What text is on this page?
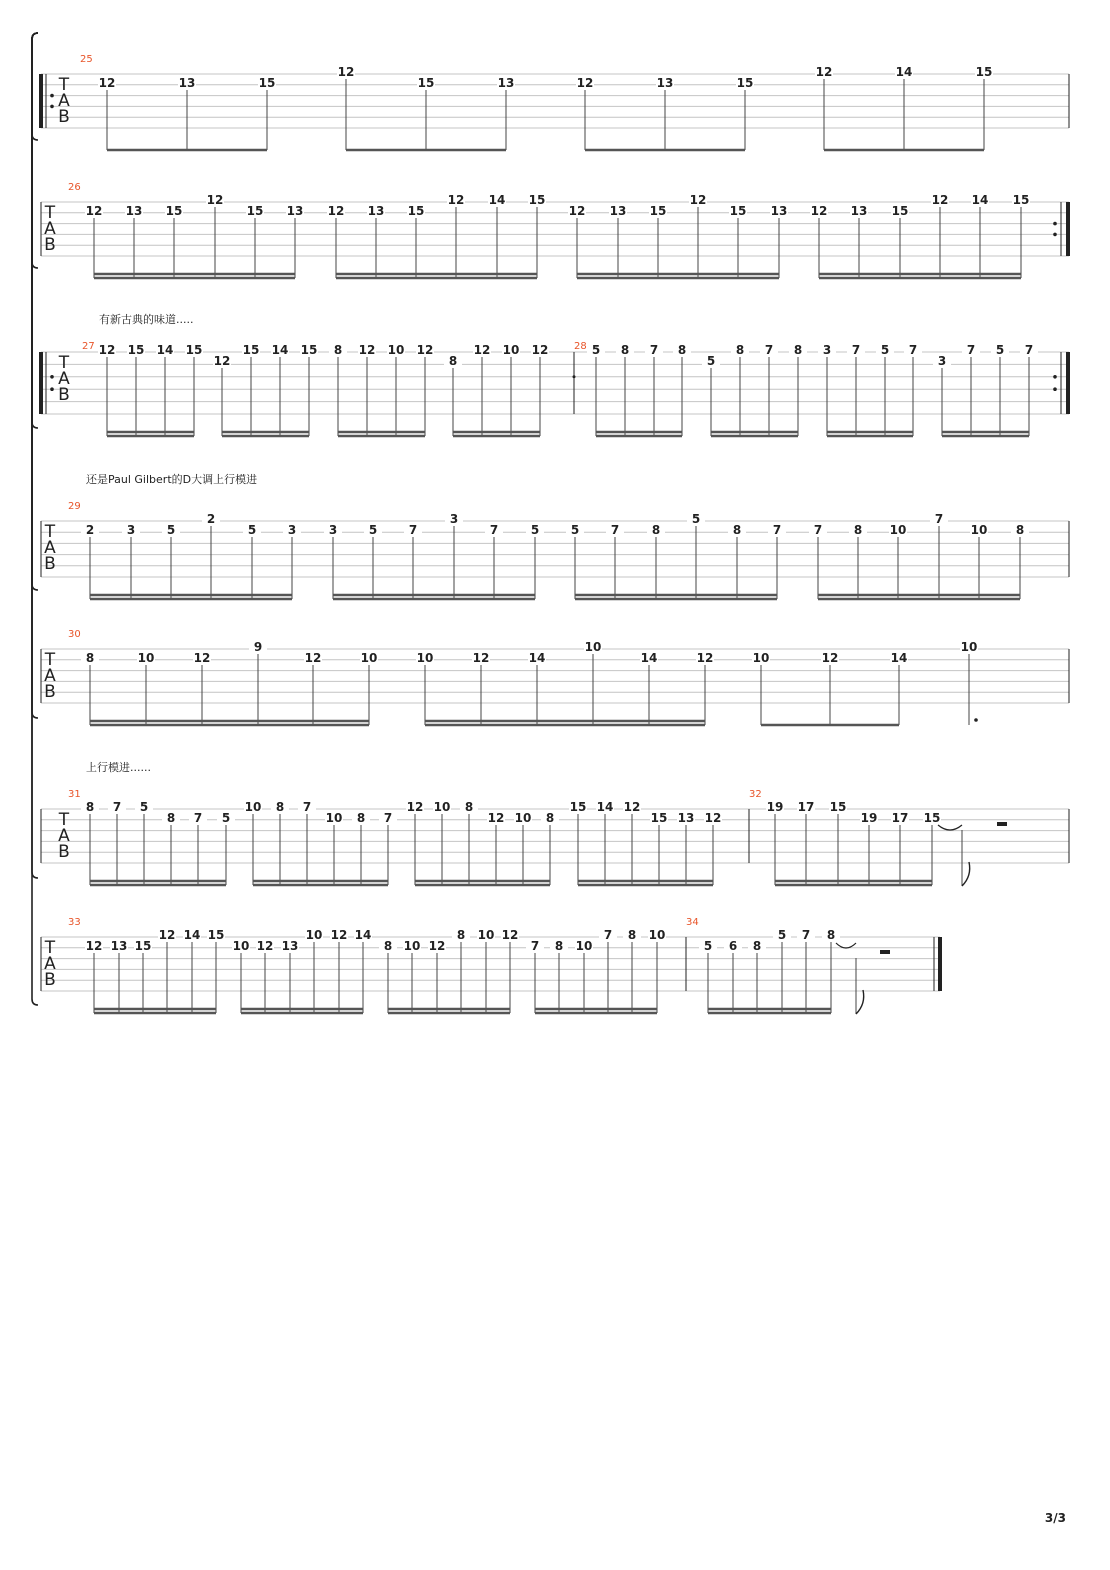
T
A
B
25
12	13	15
12
15	13	12	13	15
12	14	15
T
A
B
26
12 13 15
12
15 13 12 13 15
12 14 15
12 13 15
12
15 13 12 13 15
12 14 15
T
A
B
有新古典的味道.....
27 12 15 14 15
12
15 14 15 8 12 10 12
8
12 10 12	28 5 8 7 8
5
8 7 8 3 7 5 7
3
7 5 7
T
A
B
还是Paul Gilbert的D大调上行模进
29
2	3	5
2
5	3	3	5	7
3
7	5	5	7	8
5
8	7	7	8 10
7
10 8
T
A
B
30
8	10	12
9
12	10	10	12	14
10
14	12	10	12	14
10
T
A
B
上行模进......
31
8 7 5
8 7 5
10 8 7
10 8 7
12 10 8
12 10 8
15 14 12
15 13 12
32
19 17 15
19 17 15
T
A
B
33
12 13 15
12 14 15
10 12 13
10 12 14
8 10 12
8 10 12
7 8 10
7 8 10
34
5 6 8
5 7 8
3/3
